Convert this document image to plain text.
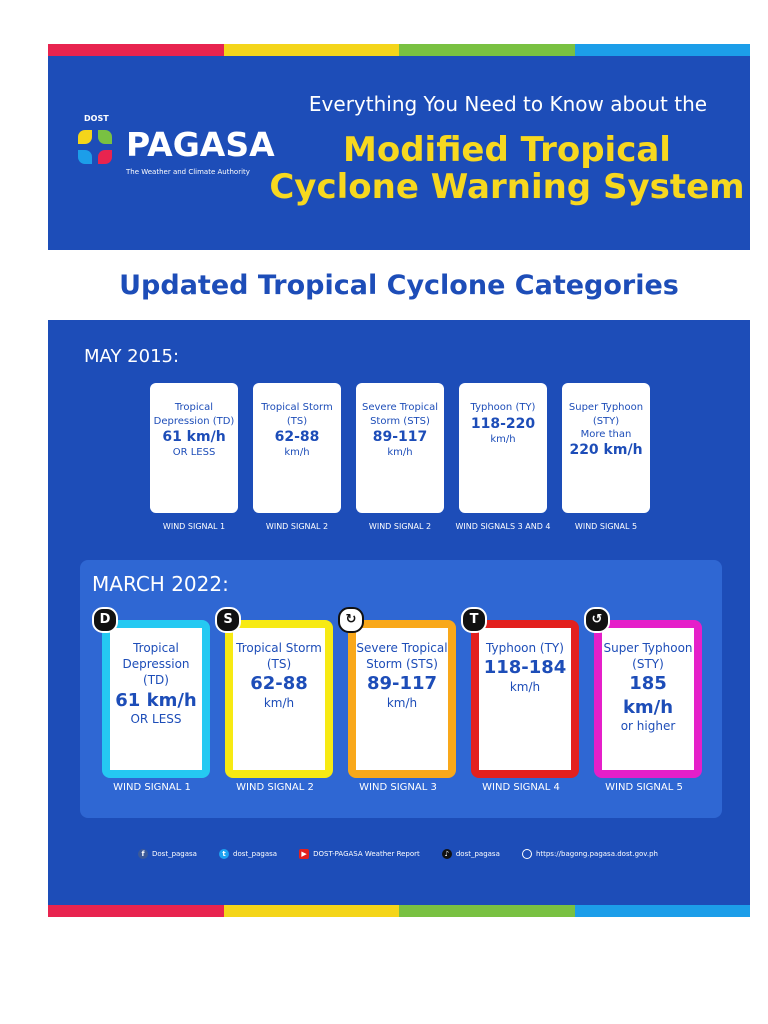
DOST
PAGASA
The Weather and Climate Authority
Everything You Need to Know about the
Modified Tropical Cyclone Warning System
Updated Tropical Cyclone Categories
MAY 2015:
Tropical Depression (TD)
61 km/h
OR LESS
WIND SIGNAL 1
Tropical Storm (TS)
62-88
km/h
WIND SIGNAL 2
Severe Tropical Storm (STS)
89-117
km/h
WIND SIGNAL 2
Typhoon (TY)
118-220
km/h
WIND SIGNALS 3 AND 4
Super Typhoon (STY)
More than
220 km/h
WIND SIGNAL 5
MARCH 2022:
Tropical Depression (TD)
61 km/h
OR LESS
D
WIND SIGNAL 1
Tropical Storm (TS)
62-88
km/h
S
WIND SIGNAL 2
Severe Tropical Storm (STS)
89-117
km/h
↻
WIND SIGNAL 3
Typhoon (TY)
118-184
km/h
T
WIND SIGNAL 4
Super Typhoon (STY)
185 km/h
or higher
↺
WIND SIGNAL 5
f	Dost_pagasa	t	dost_pagasa	▶ DOST-PAGASA Weather Report	♪ dost_pagasa	https://bagong.pagasa.dost.gov.ph
